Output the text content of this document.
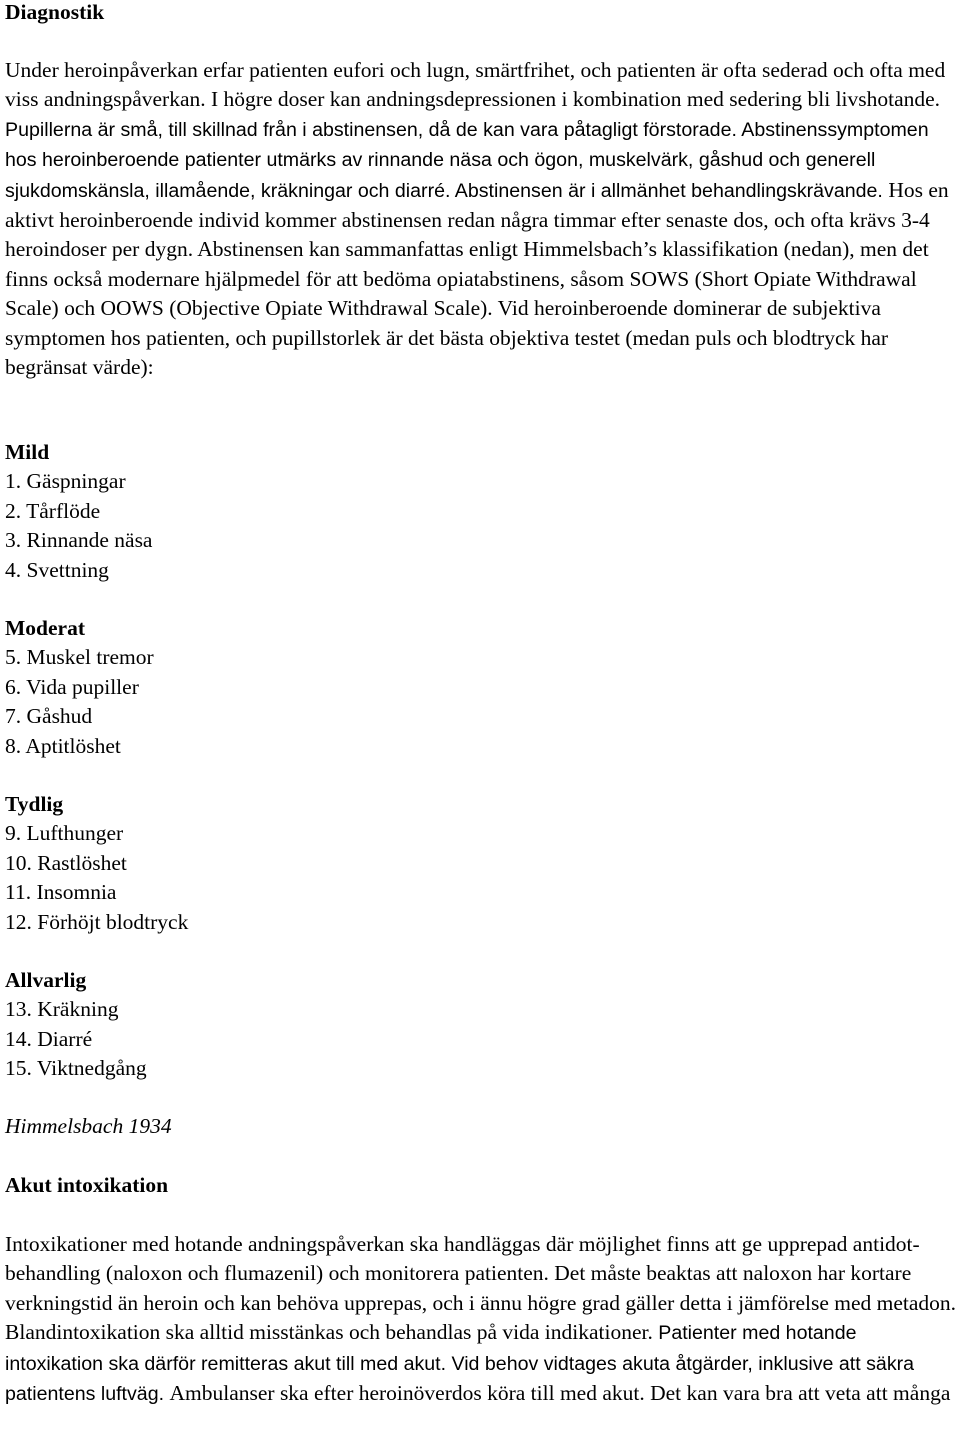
Diagnostik

Under heroinpåverkan erfar patienten eufori och lugn, smärtfrihet, och patienten är ofta sederad och ofta med viss andningspåverkan. I högre doser kan andningsdepressionen i kombination med sedering bli livshotande. Pupillerna är små, till skillnad från i abstinensen, då de kan vara påtagligt förstorade. Abstinenssymptomen hos heroinberoende patienter utmärks av rinnande näsa och ögon, muskelvärk, gåshud och generell sjukdomskänsla, illamående, kräkningar och diarré. Abstinensen är i allmänhet behandlingskrävande. Hos en aktivt heroinberoende individ kommer abstinensen redan några timmar efter senaste dos, och ofta krävs 3-4 heroindoser per dygn. Abstinensen kan sammanfattas enligt Himmelsbach’s klassifikation (nedan), men det finns också modernare hjälpmedel för att bedöma opiatabstinens, såsom SOWS (Short Opiate Withdrawal Scale) och OOWS (Objective Opiate Withdrawal Scale). Vid heroinberoende dominerar de subjektiva symptomen hos patienten, och pupillstorlek är det bästa objektiva testet (medan puls och blodtryck har begränsat värde):

Mild
1. Gäspningar
2. Tårflöde
3. Rinnande näsa
4. Svettning
Moderat
5. Muskel tremor
6. Vida pupiller
7. Gåshud
8. Aptitlöshet
Tydlig
9. Lufthunger
10. Rastlöshet
11. Insomnia
12. Förhöjt blodtryck
Allvarlig
13. Kräkning
14. Diarré
15. Viktnedgång

Himmelsbach 1934

Akut intoxikation

Intoxikationer med hotande andningspåverkan ska handläggas där möjlighet finns att ge upprepad antidot-behandling (naloxon och flumazenil) och monitorera patienten. Det måste beaktas att naloxon har kortare verkningstid än heroin och kan behöva upprepas, och i ännu högre grad gäller detta i jämförelse med metadon. Blandintoxikation ska alltid misstänkas och behandlas på vida indikationer. Patienter med hotande intoxikation ska därför remitteras akut till med akut. Vid behov vidtages akuta åtgärder, inklusive att säkra patientens luftväg. Ambulanser ska efter heroinöverdos köra till med akut. Det kan vara bra att veta att många
